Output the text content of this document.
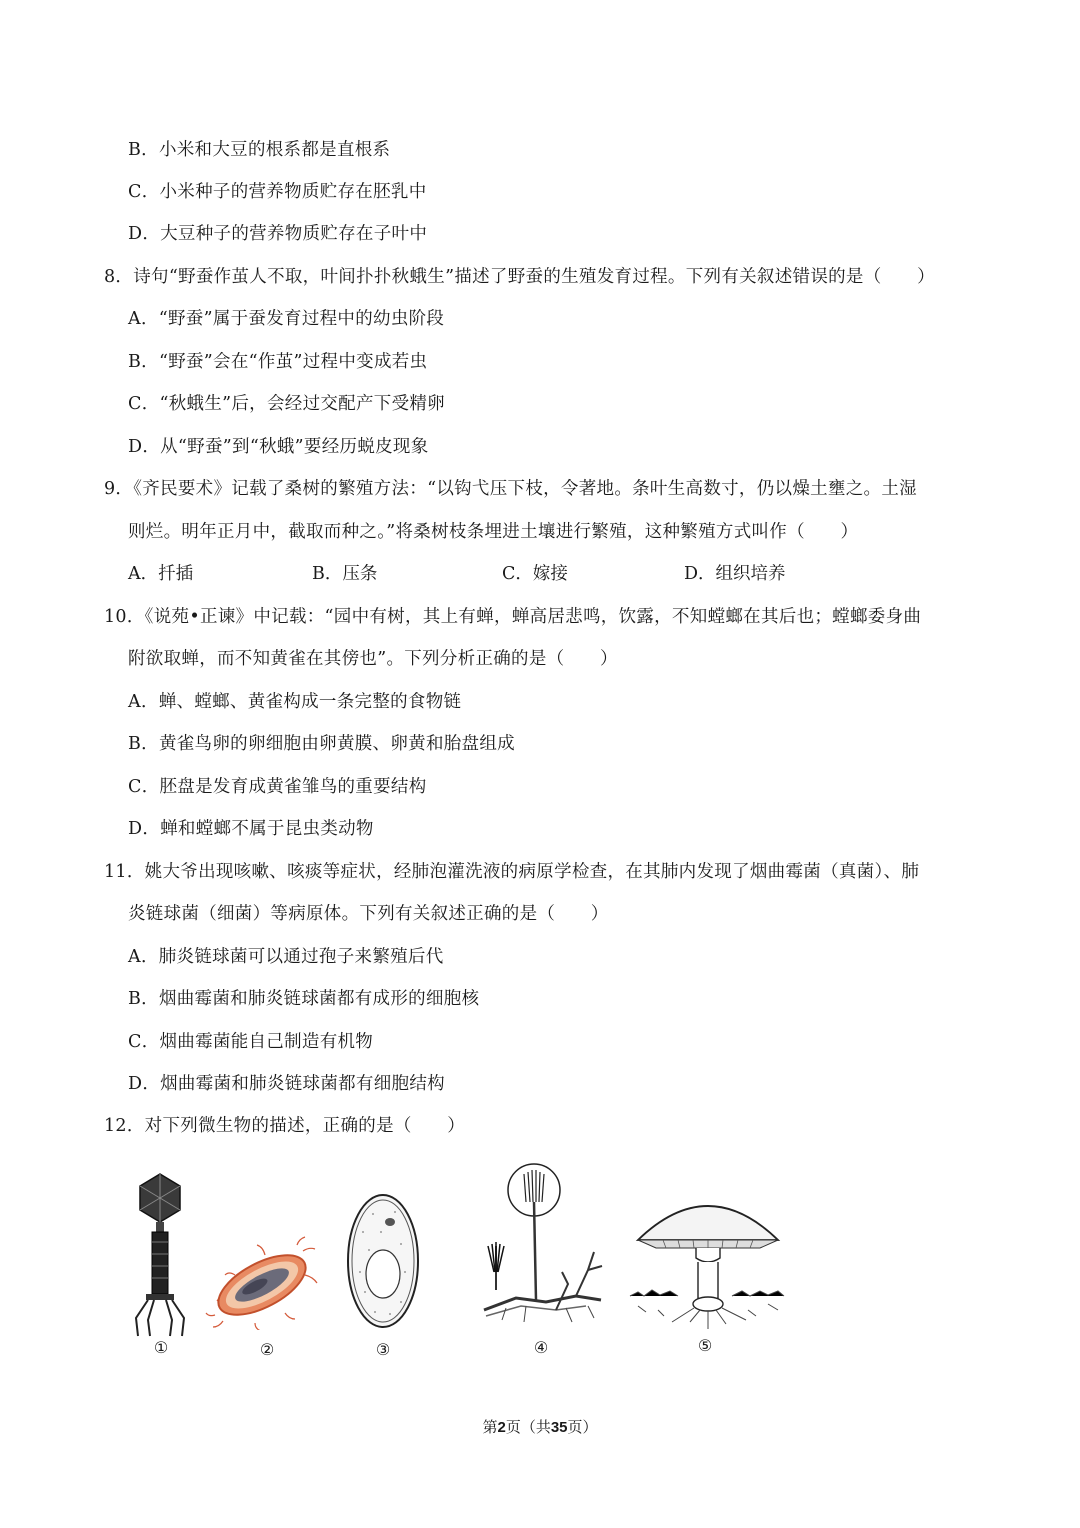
B．小米和大豆的根系都是直根系
C．小米种子的营养物质贮存在胚乳中
D．大豆种子的营养物质贮存在子叶中
8．诗句“野蚕作茧人不取，叶间扑扑秋蛾生”描述了野蚕的生殖发育过程。下列有关叙述错误的是（　　）
A．“野蚕”属于蚕发育过程中的幼虫阶段
B．“野蚕”会在“作茧”过程中变成若虫
C．“秋蛾生”后，会经过交配产下受精卵
D．从“野蚕”到“秋蛾”要经历蜕皮现象
9．《齐民要术》记载了桑树的繁殖方法：“以钩弋压下枝，令著地。条叶生高数寸，仍以燥土壅之。土湿
则烂。明年正月中，截取而种之。”将桑树枝条埋进土壤进行繁殖，这种繁殖方式叫作（　　）
A．扦插	B．压条	C．嫁接	D．组织培养
10．《说苑•正谏》中记载：“园中有树，其上有蝉，蝉高居悲鸣，饮露，不知螳螂在其后也；螳螂委身曲
附欲取蝉，而不知黄雀在其傍也”。下列分析正确的是（　　）
A．蝉、螳螂、黄雀构成一条完整的食物链
B．黄雀鸟卵的卵细胞由卵黄膜、卵黄和胎盘组成
C．胚盘是发育成黄雀雏鸟的重要结构
D．蝉和螳螂不属于昆虫类动物
11．姚大爷出现咳嗽、咳痰等症状，经肺泡灌洗液的病原学检查，在其肺内发现了烟曲霉菌（真菌）、肺
炎链球菌（细菌）等病原体。下列有关叙述正确的是（　　）
A．肺炎链球菌可以通过孢子来繁殖后代
B．烟曲霉菌和肺炎链球菌都有成形的细胞核
C．烟曲霉菌能自己制造有机物
D．烟曲霉菌和肺炎链球菌都有细胞结构
12．对下列微生物的描述，正确的是（　　）
①	②	③	④	⑤
第2页（共35页）
